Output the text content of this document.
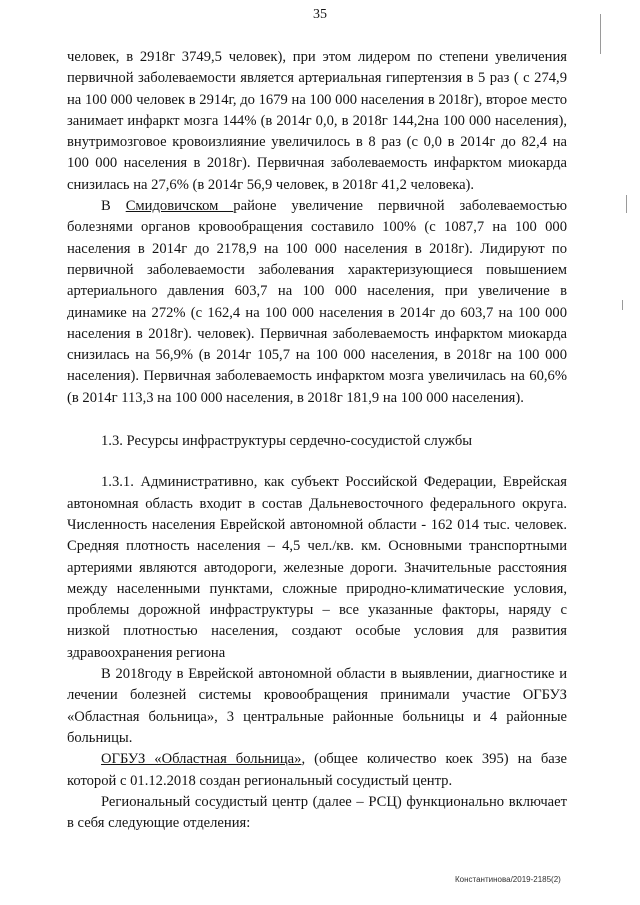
35

человек, в 2918г 3749,5 человек), при этом лидером по степени увеличения первичной заболеваемости является артериальная гипертензия в 5 раз ( с 274,9 на 100 000 человек в 2914г, до 1679 на 100 000 населения в 2018г), второе место занимает инфаркт мозга 144% (в 2014г 0,0, в 2018г 144,2на 100 000 населения), внутримозговое кровоизлияние увеличилось в 8 раз (с 0,0 в 2014г до 82,4 на 100 000 населения в 2018г). Первичная заболеваемость инфарктом миокарда снизилась на 27,6% (в 2014г 56,9 человек, в 2018г 41,2 человека).

В Смидовичском районе увеличение первичной заболеваемостью болезнями органов кровообращения составило 100% (с 1087,7 на 100 000 населения в 2014г до 2178,9 на 100 000 населения в 2018г). Лидируют по первичной заболеваемости заболевания характеризующиеся повышением артериального давления 603,7 на 100 000 населения, при увеличение в динамике на 272% (с 162,4 на 100 000 населения в 2014г до 603,7 на 100 000 населения в 2018г). человек). Первичная заболеваемость инфарктом миокарда снизилась на 56,9% (в 2014г 105,7 на 100 000 населения, в 2018г на 100 000 населения). Первичная заболеваемость инфарктом мозга увеличилась на 60,6% (в 2014г 113,3 на 100 000 населения, в 2018г 181,9 на 100 000 населения).

1.3. Ресурсы инфраструктуры сердечно-сосудистой службы

1.3.1. Административно, как субъект Российской Федерации, Еврейская автономная область входит в состав Дальневосточного федерального округа. Численность населения Еврейской автономной области - 162 014 тыс. человек. Средняя плотность населения – 4,5 чел./кв. км. Основными транспортными артериями являются автодороги, железные дороги. Значительные расстояния между населенными пунктами, сложные природно-климатические условия, проблемы дорожной инфраструктуры – все указанные факторы, наряду с низкой плотностью населения, создают особые условия для развития здравоохранения региона

В 2018году в Еврейской автономной области в выявлении, диагностике и лечении болезней системы кровообращения принимали участие ОГБУЗ «Областная больница», 3 центральные районные больницы и 4 районные больницы.

ОГБУЗ «Областная больница», (общее количество коек 395) на базе которой с 01.12.2018 создан региональный сосудистый центр.

Региональный сосудистый центр (далее – РСЦ) функционально включает в себя следующие отделения:

Константинова/2019-2185(2)
